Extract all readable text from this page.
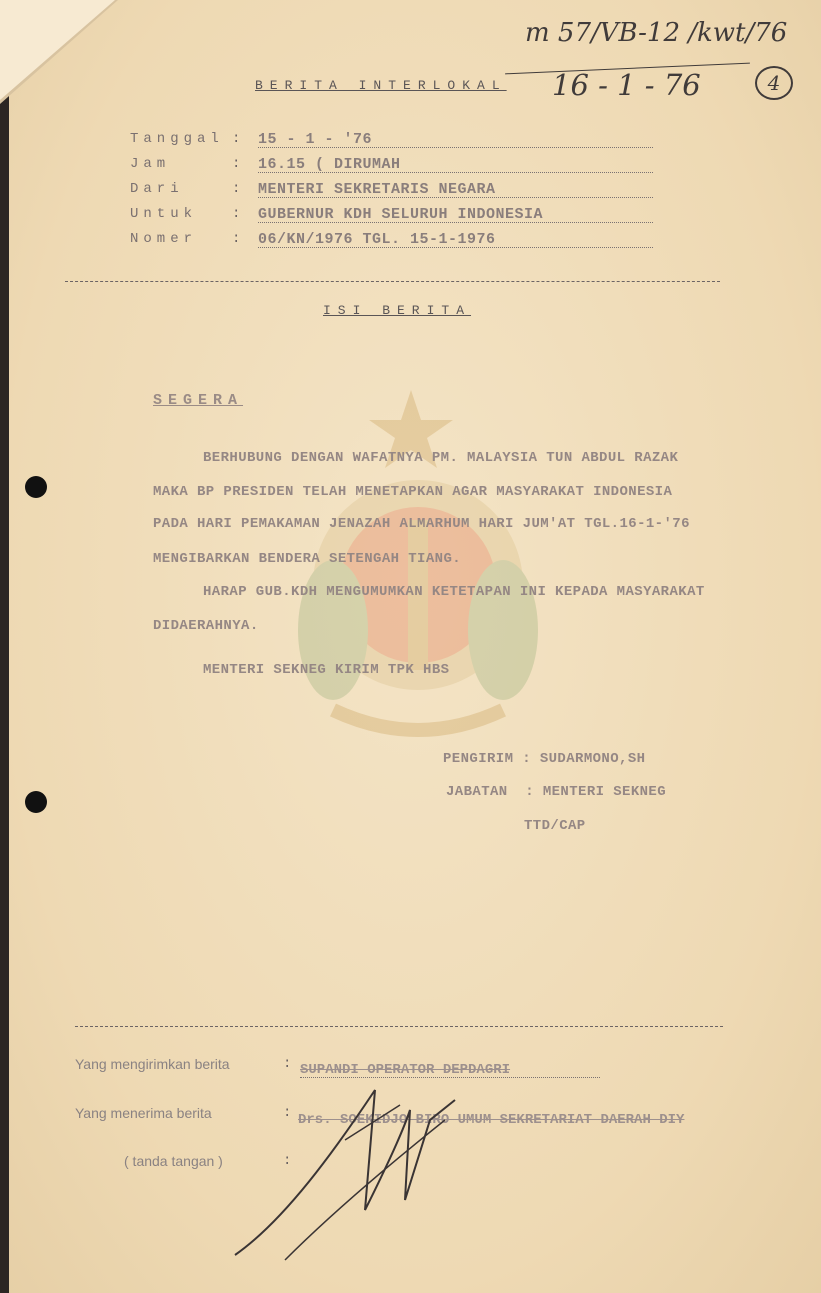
m 57/VB-12 /kwt/76
16 - 1 - 76	4
BERITA INTERLOKAL
Tanggal : 15 - 1 - '76
Jam	: 16.15 ( DIRUMAH
Dari	: MENTERI SEKRETARIS NEGARA
Untuk : GUBERNUR KDH SELURUH INDONESIA
Nomer : 06/KN/1976 TGL. 15-1-1976
ISI BERITA
SEGERA
BERHUBUNG DENGAN WAFATNYA PM. MALAYSIA TUN ABDUL RAZAK
MAKA BP PRESIDEN TELAH MENETAPKAN AGAR MASYARAKAT INDONESIA
PADA HARI PEMAKAMAN JENAZAH ALMARHUM HARI JUM'AT TGL.16-1-'76
MENGIBARKAN BENDERA SETENGAH TIANG.
HARAP GUB.KDH MENGUMUMKAN KETETAPAN INI KEPADA MASYARAKAT
DIDAERAHNYA.
MENTERI SEKNEG KIRIM TPK HBS
PENGIRIM : SUDARMONO,SH
JABATAN  : MENTERI SEKNEG
TTD/CAP
Yang mengirimkan berita	: SUPANDI OPERATOR DEPDAGRI
Yang menerima berita	: Drs. SOEKIDJO BIRO UMUM SEKRETARIAT DAERAH DIY
( tanda tangan )	:
